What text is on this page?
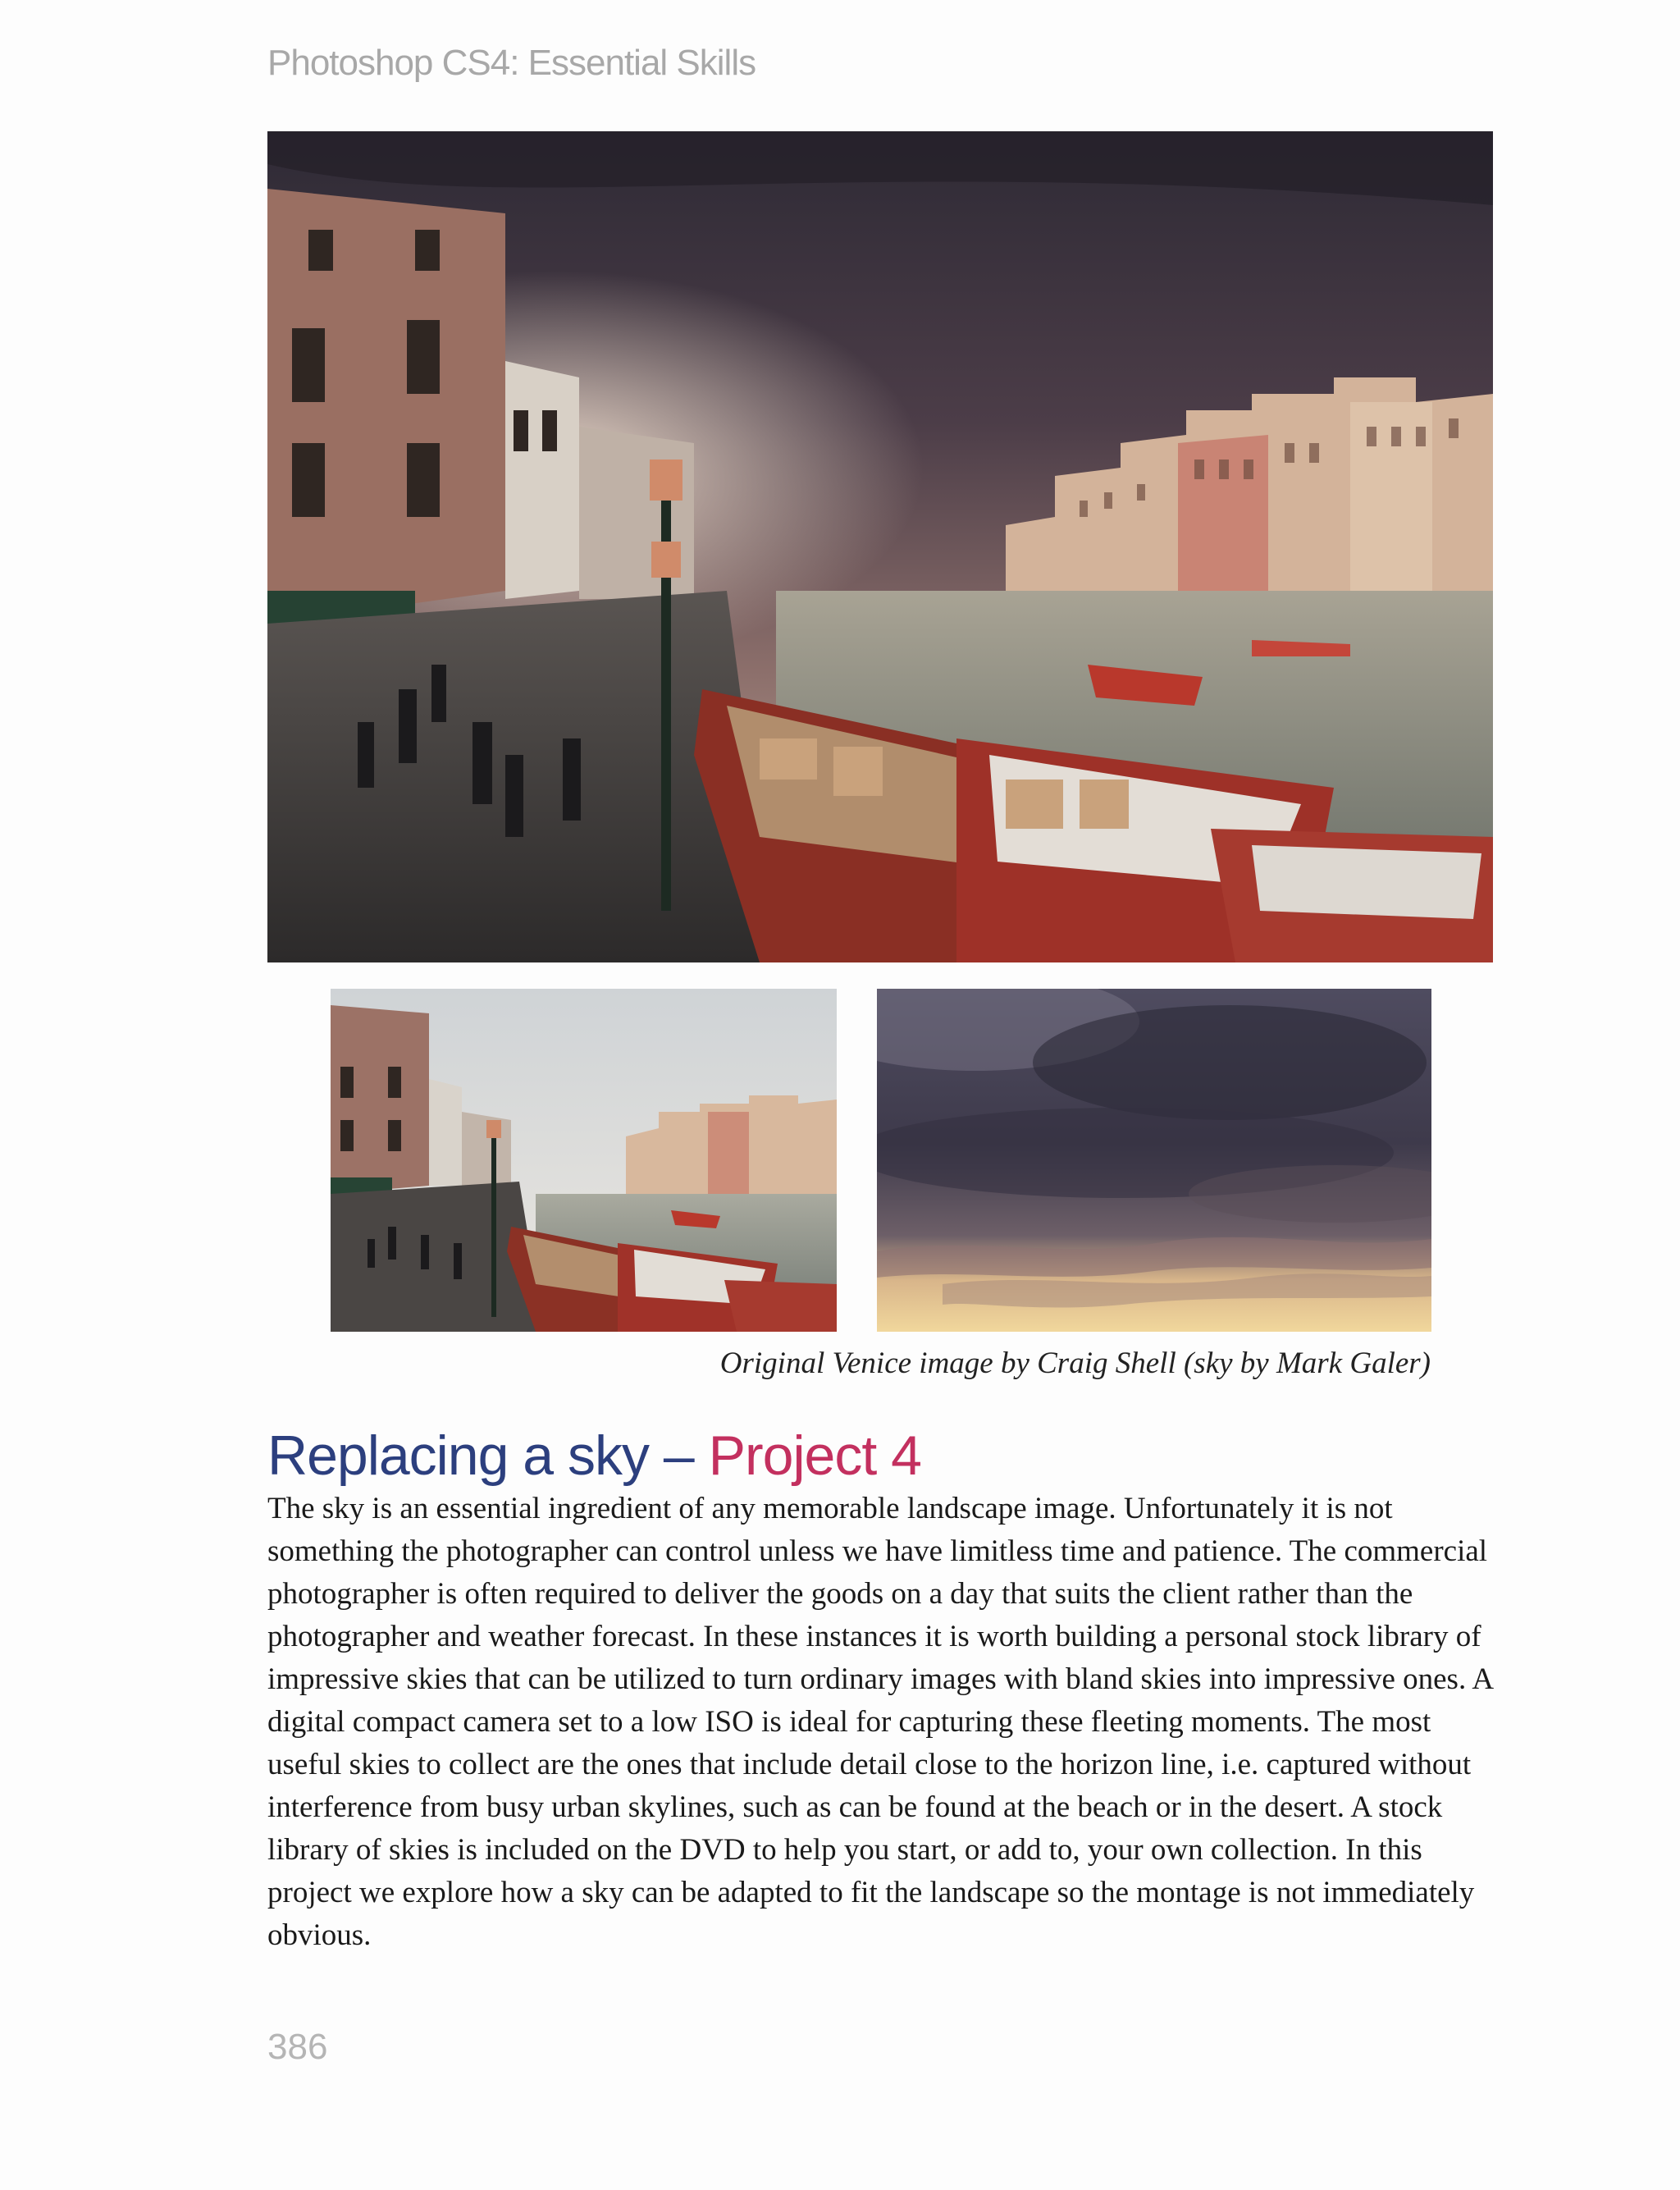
Photoshop CS4: Essential Skills

Original Venice image by Craig Shell (sky by Mark Galer)

Replacing a sky – Project 4

The sky is an essential ingredient of any memorable landscape image. Unfortunately it is not something the photographer can control unless we have limitless time and patience. The commercial photographer is often required to deliver the goods on a day that suits the client rather than the photographer and weather forecast. In these instances it is worth building a personal stock library of impressive skies that can be utilized to turn ordinary images with bland skies into impressive ones. A digital compact camera set to a low ISO is ideal for capturing these fleeting moments. The most useful skies to collect are the ones that include detail close to the horizon line, i.e. captured without interference from busy urban skylines, such as can be found at the beach or in the desert. A stock library of skies is included on the DVD to help you start, or add to, your own collection. In this project we explore how a sky can be adapted to fit the landscape so the montage is not immediately obvious.

386
